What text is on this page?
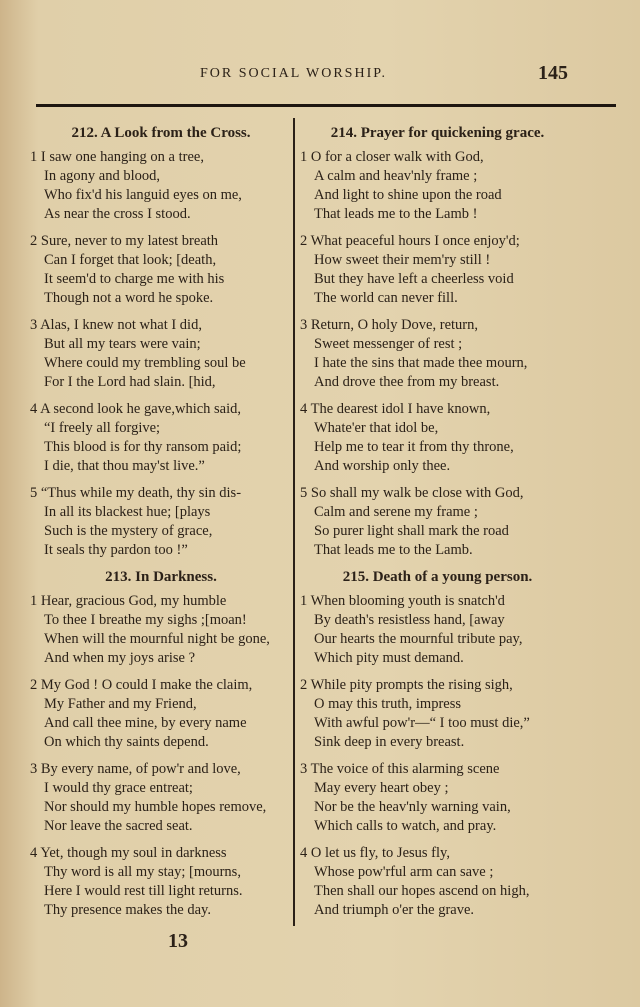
FOR SOCIAL WORSHIP.	145
212. A Look from the Cross.
1 I saw one hanging on a tree,
In agony and blood,
Who fix'd his languid eyes on me,
As near the cross I stood.
2 Sure, never to my latest breath
Can I forget that look; [death,
It seem'd to charge me with his
Though not a word he spoke.
3 Alas, I knew not what I did,
But all my tears were vain;
Where could my trembling soul be
For I the Lord had slain. [hid,
4 A second look he gave,which said,
“I freely all forgive;
This blood is for thy ransom paid;
I die, that thou may'st live.”
5 “Thus while my death, thy sin dis-
In all its blackest hue; [plays
Such is the mystery of grace,
It seals thy pardon too !”
213. In Darkness.
1 Hear, gracious God, my humble
To thee I breathe my sighs ;[moan!
When will the mournful night be gone,
And when my joys arise ?
2 My God ! O could I make the claim,
My Father and my Friend,
And call thee mine, by every name
On which thy saints depend.
3 By every name, of pow'r and love,
I would thy grace entreat;
Nor should my humble hopes remove,
Nor leave the sacred seat.
4 Yet, though my soul in darkness
Thy word is all my stay; [mourns,
Here I would rest till light returns.
Thy presence makes the day.
214. Prayer for quickening grace.
1 O for a closer walk with God,
A calm and heav'nly frame ;
And light to shine upon the road
That leads me to the Lamb !
2 What peaceful hours I once enjoy'd;
How sweet their mem'ry still !
But they have left a cheerless void
The world can never fill.
3 Return, O holy Dove, return,
Sweet messenger of rest ;
I hate the sins that made thee mourn,
And drove thee from my breast.
4 The dearest idol I have known,
Whate'er that idol be,
Help me to tear it from thy throne,
And worship only thee.
5 So shall my walk be close with God,
Calm and serene my frame ;
So purer light shall mark the road
That leads me to the Lamb.
215. Death of a young person.
1 When blooming youth is snatch'd
By death's resistless hand, [away
Our hearts the mournful tribute pay,
Which pity must demand.
2 While pity prompts the rising sigh,
O may this truth, impress
With awful pow'r—“ I too must die,”
Sink deep in every breast.
3 The voice of this alarming scene
May every heart obey ;
Nor be the heav'nly warning vain,
Which calls to watch, and pray.
4 O let us fly, to Jesus fly,
Whose pow'rful arm can save ;
Then shall our hopes ascend on high,
And triumph o'er the grave.
13
